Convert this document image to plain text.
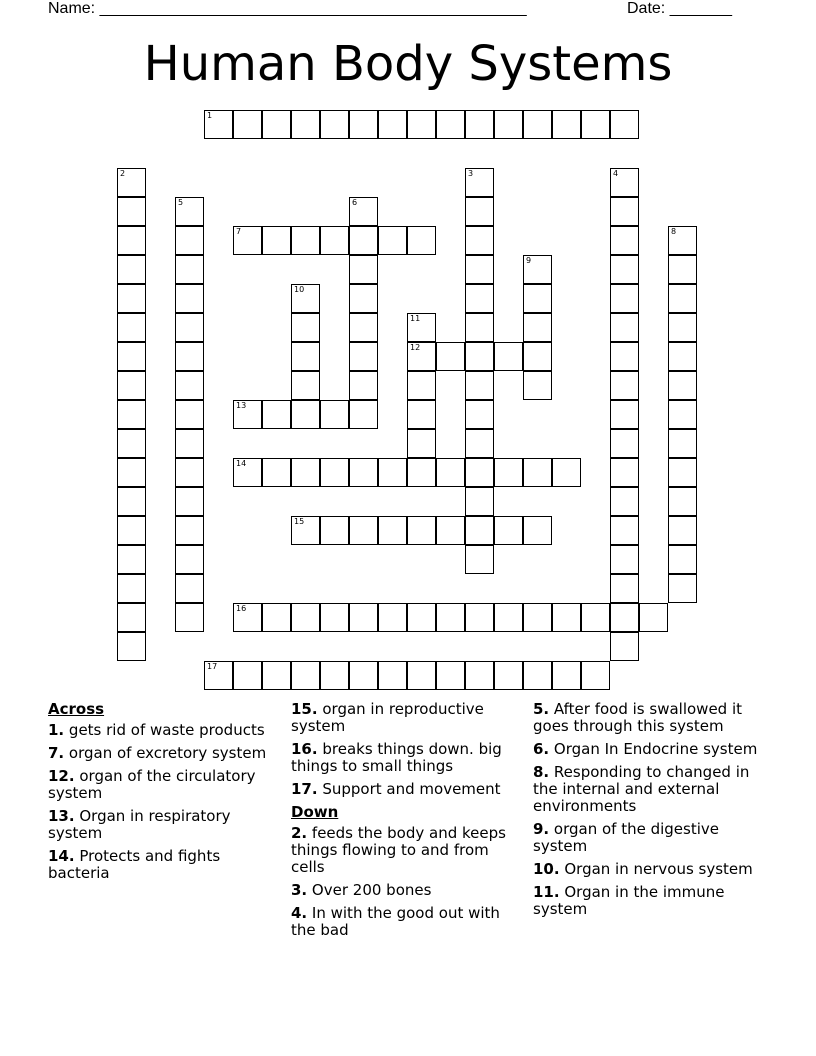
Name: ________________________________________________	Date: _______
Human Body Systems
1
2	3	4
5	6
7	8
9
10
11
12
13
14
15
16
17
Across
1. gets rid of waste products
7. organ of excretory system
12. organ of the circulatory system
13. Organ in respiratory system
14. Protects and fights bacteria
15. organ in reproductive system
16. breaks things down. big things to small things
17. Support and movement
Down
2. feeds the body and keeps things flowing to and from cells
3. Over 200 bones
4. In with the good out with the bad
5. After food is swallowed it goes through this system
6. Organ In Endocrine system
8. Responding to changed in the internal and external environments
9. organ of the digestive system
10. Organ in nervous system
11. Organ in the immune system
